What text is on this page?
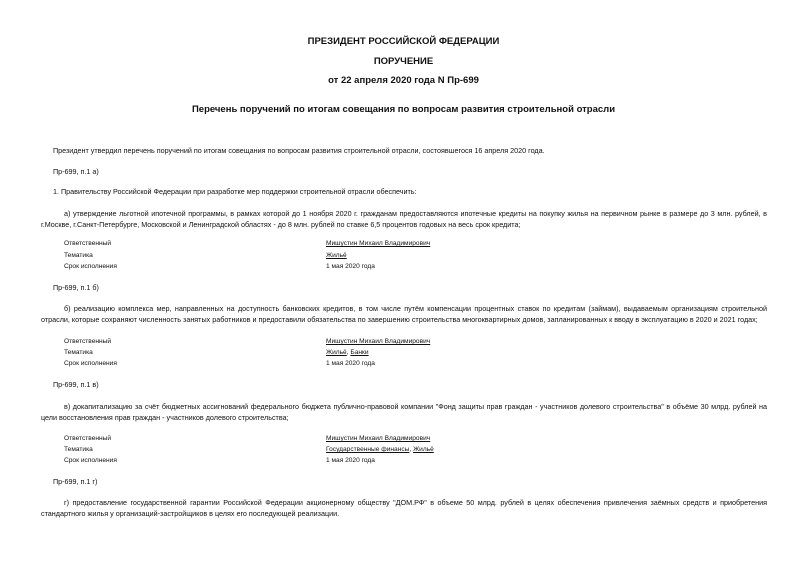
ПРЕЗИДЕНТ РОССИЙСКОЙ ФЕДЕРАЦИИ
ПОРУЧЕНИЕ
от 22 апреля 2020 года N Пр-699
Перечень поручений по итогам совещания по вопросам развития строительной отрасли
Президент утвердил перечень поручений по итогам совещания по вопросам развития строительной отрасли, состоявшегося 16 апреля 2020 года.
Пр-699, п.1 а)
1. Правительству Российской Федерации при разработке мер поддержки строительной отрасли обеспечить:
а) утверждение льготной ипотечной программы, в рамках которой до 1 ноября 2020 г. гражданам предоставляются ипотечные кредиты на покупку жилья на первичном рынке в размере до 3 млн. рублей, в г.Москве, г.Санкт-Петербурге, Московской и Ленинградской областях - до 8 млн. рублей по ставке 6,5 процентов годовых на весь срок кредита;
Ответственный	Мишустин Михаил Владимирович
Тематика	Жильё
Срок исполнения	1 мая 2020 года
Пр-699, п.1 б)
б) реализацию комплекса мер, направленных на доступность банковских кредитов, в том числе путём компенсации процентных ставок по кредитам (займам), выдаваемым организациям строительной отрасли, которые сохраняют численность занятых работников и предоставили обязательства по завершению строительства многоквартирных домов, запланированных к вводу в эксплуатацию в 2020 и 2021 годах;
Ответственный	Мишустин Михаил Владимирович
Тематика	Жильё, Банки
Срок исполнения	1 мая 2020 года
Пр-699, п.1 в)
в) докапитализацию за счёт бюджетных ассигнований федерального бюджета публично-правовой компании "Фонд защиты прав граждан - участников долевого строительства" в объёме 30 млрд. рублей на цели восстановления прав граждан - участников долевого строительства;
Ответственный	Мишустин Михаил Владимирович
Тематика	Государственные финансы, Жильё
Срок исполнения	1 мая 2020 года
Пр-699, п.1 г)
г) предоставление государственной гарантии Российской Федерации акционерному обществу "ДОМ.РФ" в объеме 50 млрд. рублей в целях обеспечения привлечения заёмных средств и приобретения стандартного жилья у организаций-застройщиков в целях его последующей реализации.
